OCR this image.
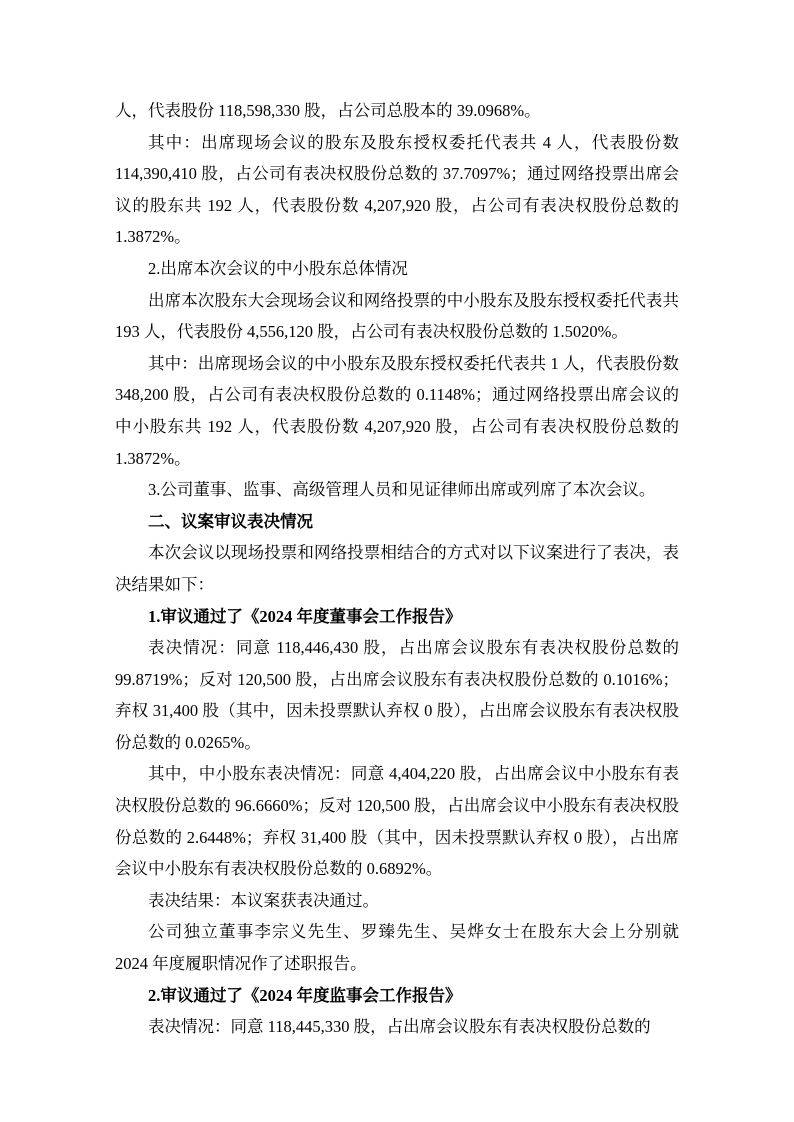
人，代表股份 118,598,330 股，占公司总股本的 39.0968%。

其中：出席现场会议的股东及股东授权委托代表共 4 人，代表股份数 114,390,410 股，占公司有表决权股份总数的 37.7097%；通过网络投票出席会议的股东共 192 人，代表股份数 4,207,920 股，占公司有表决权股份总数的 1.3872%。

2.出席本次会议的中小股东总体情况

出席本次股东大会现场会议和网络投票的中小股东及股东授权委托代表共 193 人，代表股份 4,556,120 股，占公司有表决权股份总数的 1.5020%。

其中：出席现场会议的中小股东及股东授权委托代表共 1 人，代表股份数 348,200 股，占公司有表决权股份总数的 0.1148%；通过网络投票出席会议的中小股东共 192 人，代表股份数 4,207,920 股，占公司有表决权股份总数的 1.3872%。

3.公司董事、监事、高级管理人员和见证律师出席或列席了本次会议。

二、议案审议表决情况

本次会议以现场投票和网络投票相结合的方式对以下议案进行了表决，表决结果如下：

1.审议通过了《2024 年度董事会工作报告》

表决情况：同意 118,446,430 股，占出席会议股东有表决权股份总数的 99.8719%；反对 120,500 股，占出席会议股东有表决权股份总数的 0.1016%；弃权 31,400 股（其中，因未投票默认弃权 0 股），占出席会议股东有表决权股份总数的 0.0265%。

其中，中小股东表决情况：同意 4,404,220 股，占出席会议中小股东有表决权股份总数的 96.6660%；反对 120,500 股，占出席会议中小股东有表决权股份总数的 2.6448%；弃权 31,400 股（其中，因未投票默认弃权 0 股），占出席会议中小股东有表决权股份总数的 0.6892%。

表决结果：本议案获表决通过。

公司独立董事李宗义先生、罗臻先生、吴烨女士在股东大会上分别就 2024 年度履职情况作了述职报告。

2.审议通过了《2024 年度监事会工作报告》

表决情况：同意 118,445,330 股，占出席会议股东有表决权股份总数的
